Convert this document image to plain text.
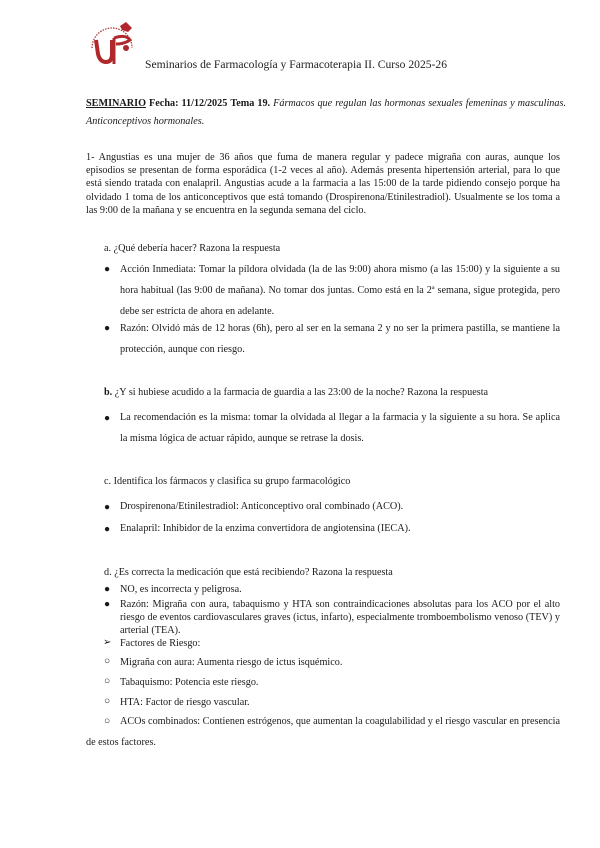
Seminarios de Farmacología y Farmacoterapia II. Curso 2025-26
SEMINARIO Fecha: 11/12/2025 Tema 19. Fármacos que regulan las hormonas sexuales femeninas y masculinas. Anticonceptivos hormonales.
1- Angustias es una mujer de 36 años que fuma de manera regular y padece migraña con auras, aunque los episodios se presentan de forma esporádica (1-2 veces al año). Además presenta hipertensión arterial, para lo que está siendo tratada con enalapril. Angustias acude a la farmacia a las 15:00 de la tarde pidiendo consejo porque ha olvidado 1 toma de los anticonceptivos que está tomando (Drospirenona/Etinilestradiol). Usualmente se los toma a las 9:00 de la mañana y se encuentra en la segunda semana del ciclo.
a. ¿Qué debería hacer? Razona la respuesta
● Acción Inmediata: Tomar la píldora olvidada (la de las 9:00) ahora mismo (a las 15:00) y la siguiente a su hora habitual (las 9:00 de mañana). No tomar dos juntas. Como está en la 2ª semana, sigue protegida, pero debe ser estricta de ahora en adelante.
● Razón: Olvidó más de 12 horas (6h), pero al ser en la semana 2 y no ser la primera pastilla, se mantiene la protección, aunque con riesgo.
b. ¿Y si hubiese acudido a la farmacia de guardia a las 23:00 de la noche? Razona la respuesta
● La recomendación es la misma: tomar la olvidada al llegar a la farmacia y la siguiente a su hora. Se aplica la misma lógica de actuar rápido, aunque se retrase la dosis.
c. Identifica los fármacos y clasifica su grupo farmacológico
● Drospirenona/Etinilestradiol: Anticonceptivo oral combinado (ACO).
● Enalapril: Inhibidor de la enzima convertidora de angiotensina (IECA).
d. ¿Es correcta la medicación que está recibiendo? Razona la respuesta
● NO, es incorrecta y peligrosa.
● Razón: Migraña con aura, tabaquismo y HTA son contraindicaciones absolutas para los ACO por el alto riesgo de eventos cardiovasculares graves (ictus, infarto), especialmente tromboembolismo venoso (TEV) y arterial (TEA).
➢ Factores de Riesgo:
○ Migraña con aura: Aumenta riesgo de ictus isquémico.
○ Tabaquismo: Potencia este riesgo.
○ HTA: Factor de riesgo vascular.
○ ACOs combinados: Contienen estrógenos, que aumentan la coagulabilidad y el riesgo vascular en presencia de estos factores.
